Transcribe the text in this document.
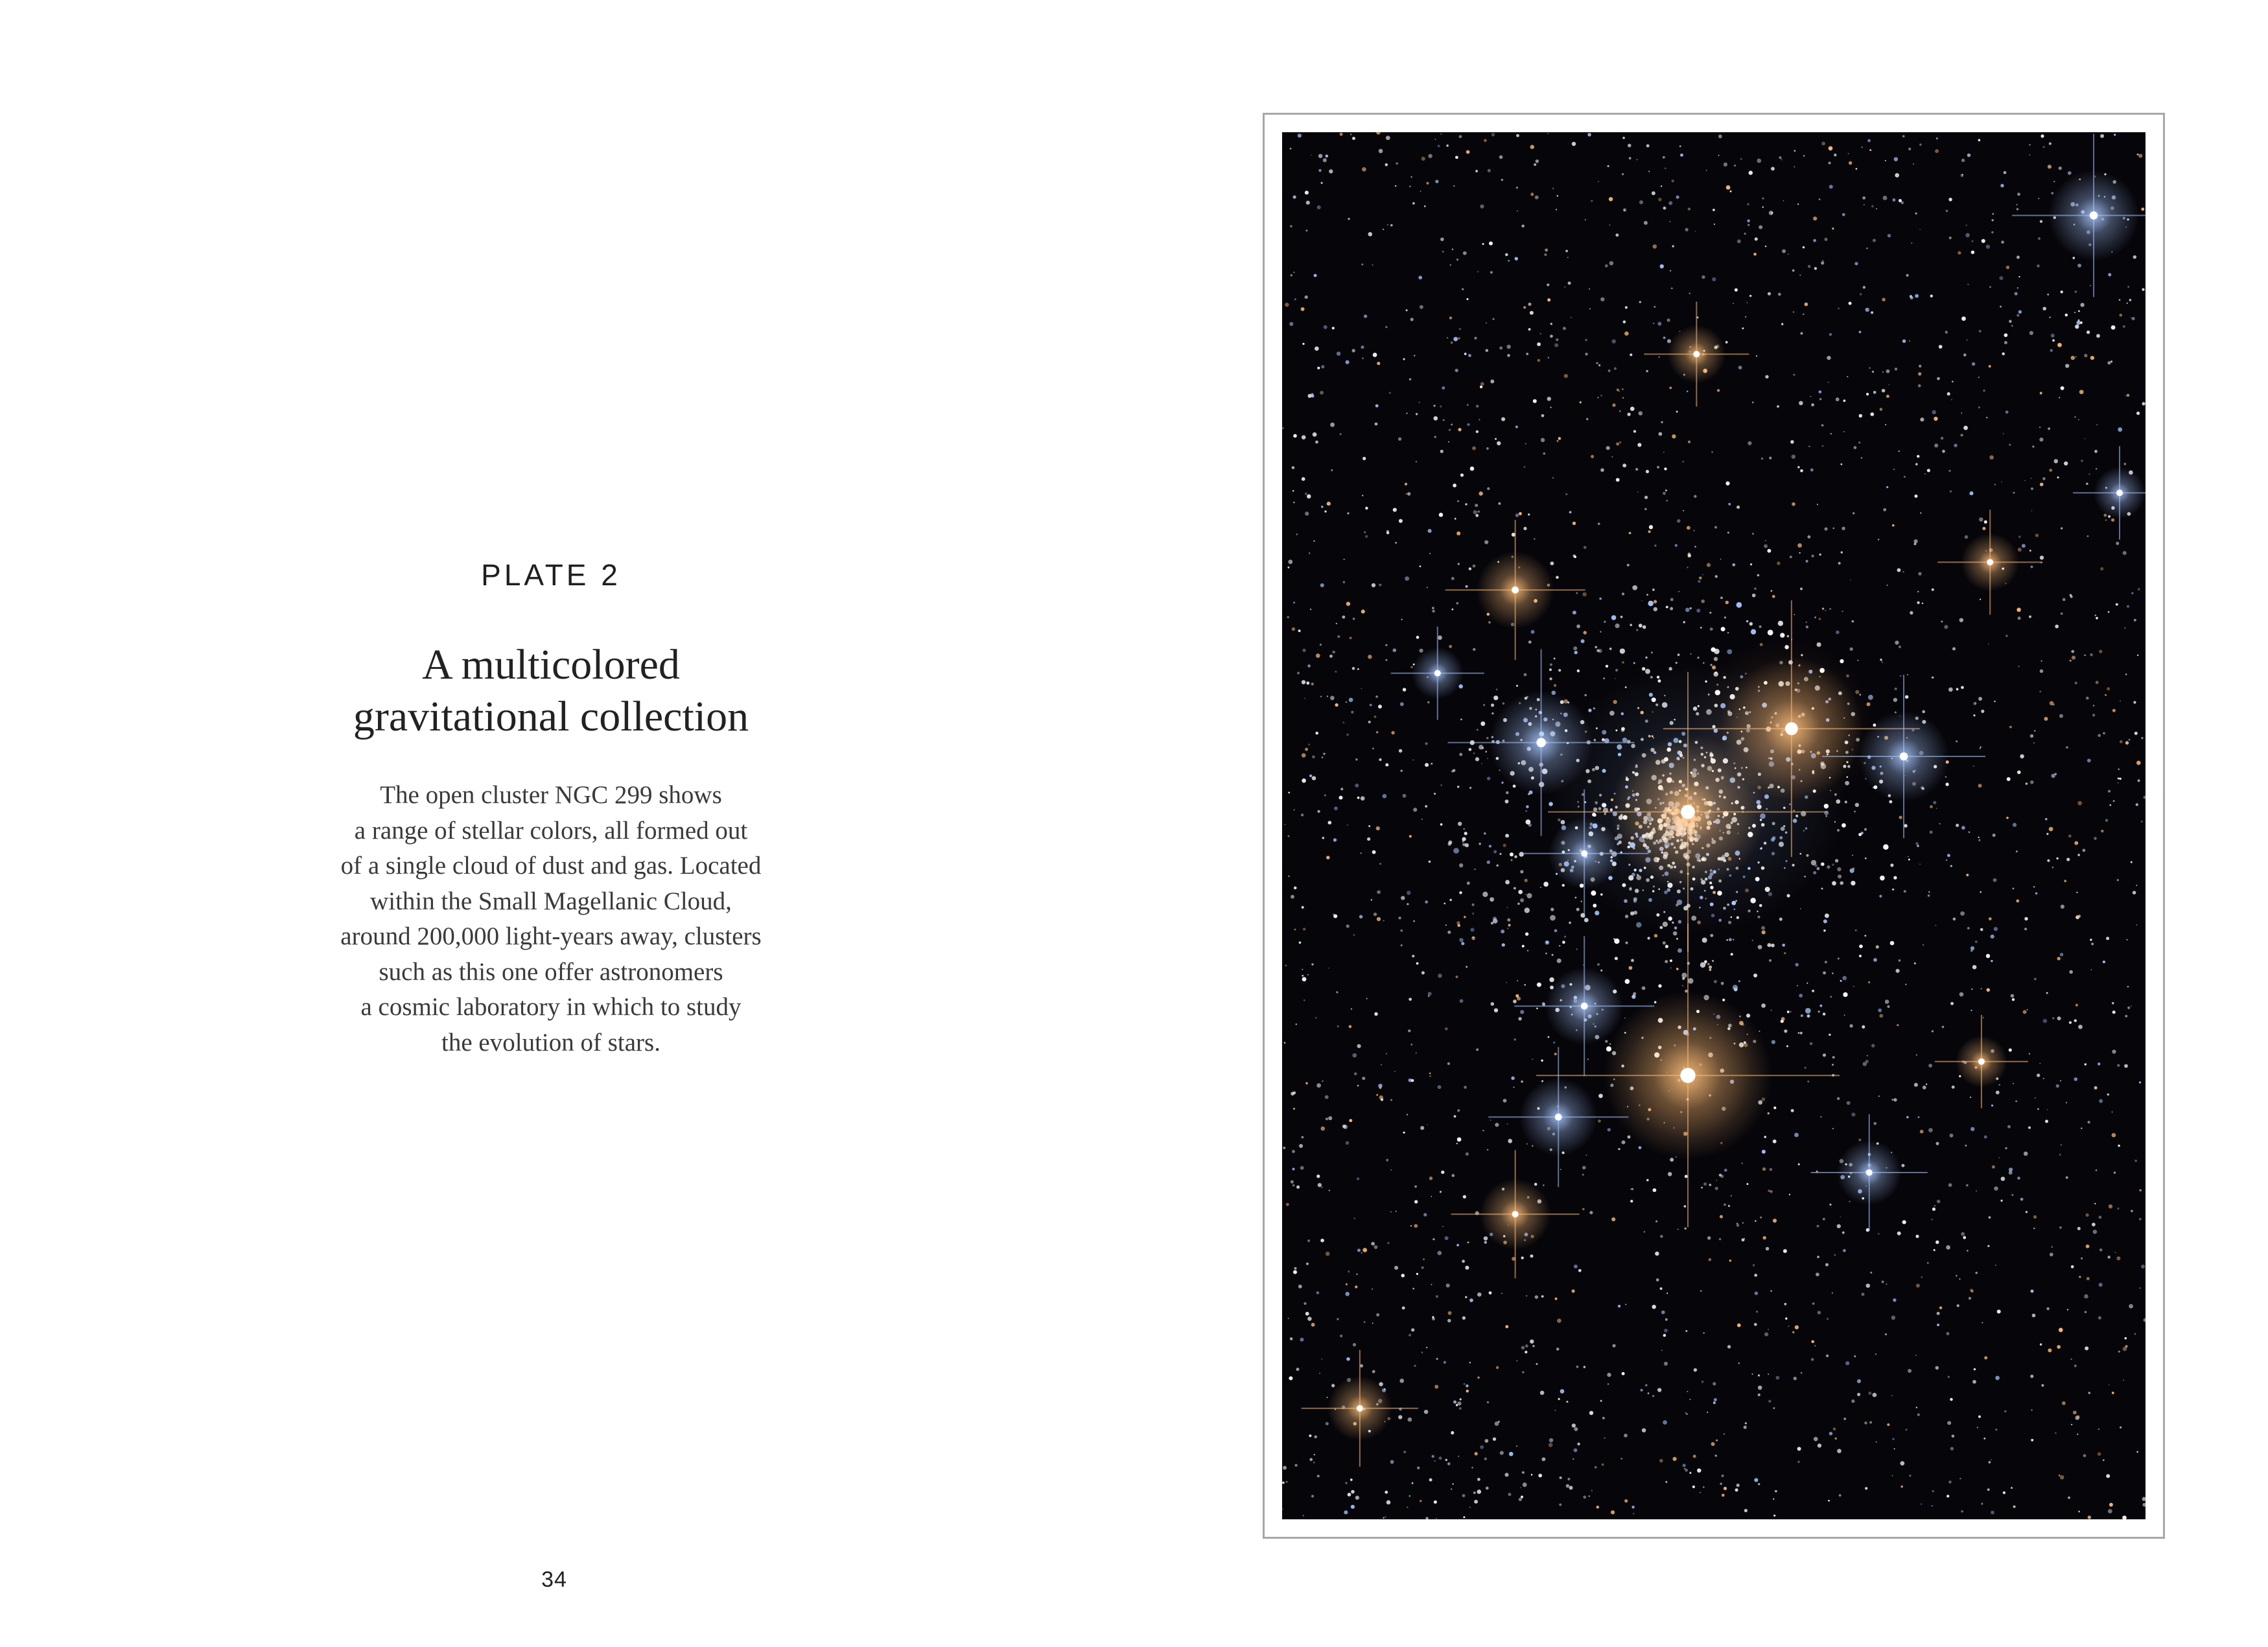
PLATE 2
A multicolored
gravitational collection

The open cluster NGC 299 shows
a range of stellar colors, all formed out
of a single cloud of dust and gas. Located
within the Small Magellanic Cloud,
around 200,000 light-years away, clusters
such as this one offer astronomers
a cosmic laboratory in which to study
the evolution of stars.

34
